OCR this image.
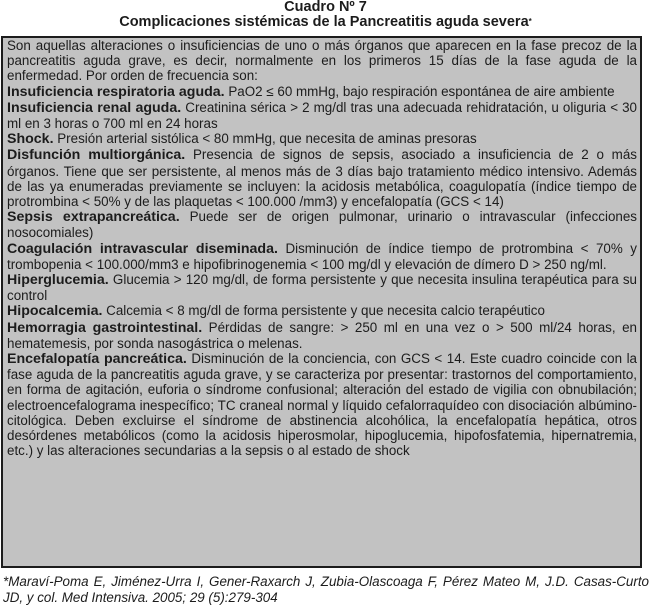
Cuadro Nº 7
Complicaciones sistémicas de la Pancreatitis aguda severa*

Son aquellas alteraciones o insuficiencias de uno o más órganos que aparecen en la fase precoz de la pancreatitis aguda grave, es decir, normalmente en los primeros 15 días de la fase aguda de la enfermedad. Por orden de frecuencia son:

Insuficiencia respiratoria aguda. PaO2 ≤ 60 mmHg, bajo respiración espontánea de aire ambiente

Insuficiencia renal aguda. Creatinina sérica > 2 mg/dl tras una adecuada rehidratación, u oliguria < 30 ml en 3 horas o 700 ml en 24 horas

Shock. Presión arterial sistólica < 80 mmHg, que necesita de aminas presoras

Disfunción multiorgánica. Presencia de signos de sepsis, asociado a insuficiencia de 2 o más órganos. Tiene que ser persistente, al menos más de 3 días bajo tratamiento médico intensivo. Además de las ya enumeradas previamente se incluyen: la acidosis metabólica, coagulopatía (índice tiempo de protrombina < 50% y de las plaquetas < 100.000 /mm3) y encefalopatía (GCS < 14)

Sepsis extrapancreática. Puede ser de origen pulmonar, urinario o intravascular (infecciones nosocomiales)

Coagulación intravascular diseminada. Disminución de índice tiempo de protrombina < 70% y trombopenia < 100.000/mm3 e hipofibrinogenemia < 100 mg/dl y elevación de dímero D > 250 ng/ml.

Hiperglucemia. Glucemia > 120 mg/dl, de forma persistente y que necesita insulina terapéutica para su control

Hipocalcemia. Calcemia < 8 mg/dl de forma persistente y que necesita calcio terapéutico

Hemorragia gastrointestinal. Pérdidas de sangre: > 250 ml en una vez o > 500 ml/24 horas, en hematemesis, por sonda nasogástrica o melenas.

Encefalopatía pancreática. Disminución de la conciencia, con GCS < 14. Este cuadro coincide con la fase aguda de la pancreatitis aguda grave, y se caracteriza por presentar: trastornos del comportamiento, en forma de agitación, euforia o síndrome confusional; alteración del estado de vigilia con obnubilación; electroencefalograma inespecífico; TC craneal normal y líquido cefalorraquídeo con disociación albúmino-citológica. Deben excluirse el síndrome de abstinencia alcohólica, la encefalopatía hepática, otros desórdenes metabólicos (como la acidosis hiperosmolar, hipoglucemia, hipofosfatemia, hipernatremia, etc.) y las alteraciones secundarias a la sepsis o al estado de shock

*Maraví-Poma E, Jiménez-Urra I, Gener-Raxarch J, Zubia-Olascoaga F, Pérez Mateo M, J.D. Casas-Curto JD, y col. Med Intensiva. 2005; 29 (5):279-304
